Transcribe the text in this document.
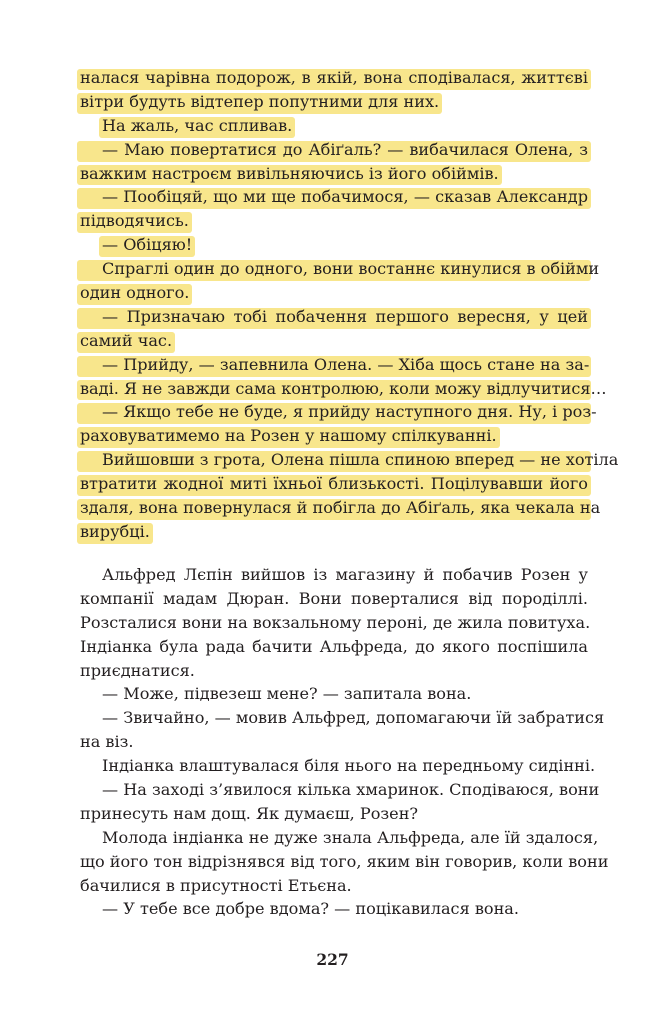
налася чарівна подорож, в якій, вона сподівалася, життєві
вітри будуть відтепер попутними для них.
На жаль, час спливав.
— Маю повертатися до Абіґаль? — вибачилася Олена, з
важким настроєм вивільняючись із його обіймів.
— Пообіцяй, що ми ще побачимося, — сказав Александр
підводячись.
— Обіцяю!
Спраглі один до одного, вони востаннє кинулися в обійми
один одного.
— Призначаю тобі побачення першого вересня, у цей
самий час.
— Прийду, — запевнила Олена. — Хіба щось стане на за-
ваді. Я не завжди сама контролюю, коли можу відлучитися…
— Якщо тебе не буде, я прийду наступного дня. Ну, і роз-
раховуватимемо на Розен у нашому спілкуванні.
Вийшовши з грота, Олена пішла спиною вперед — не хотіла
втратити жодної миті їхньої близькості. Поцілувавши його
здаля, вона повернулася й побігла до Абіґаль, яка чекала на
вирубці.
Альфред Лєпін вийшов із магазину й побачив Розен у
компанії мадам Дюран. Вони поверталися від породіллі.
Розсталися вони на вокзальному пероні, де жила повитуха.
Індіанка була рада бачити Альфреда, до якого поспішила
приєднатися.
— Може, підвезеш мене? — запитала вона.
— Звичайно, — мовив Альфред, допомагаючи їй забратися
на віз.
Індіанка влаштувалася біля нього на передньому сидінні.
— На заході з’явилося кілька хмаринок. Сподіваюся, вони
принесуть нам дощ. Як думаєш, Розен?
Молода індіанка не дуже знала Альфреда, але їй здалося,
що його тон відрізнявся від того, яким він говорив, коли вони
бачилися в присутності Етьєна.
— У тебе все добре вдома? — поцікавилася вона.
227
